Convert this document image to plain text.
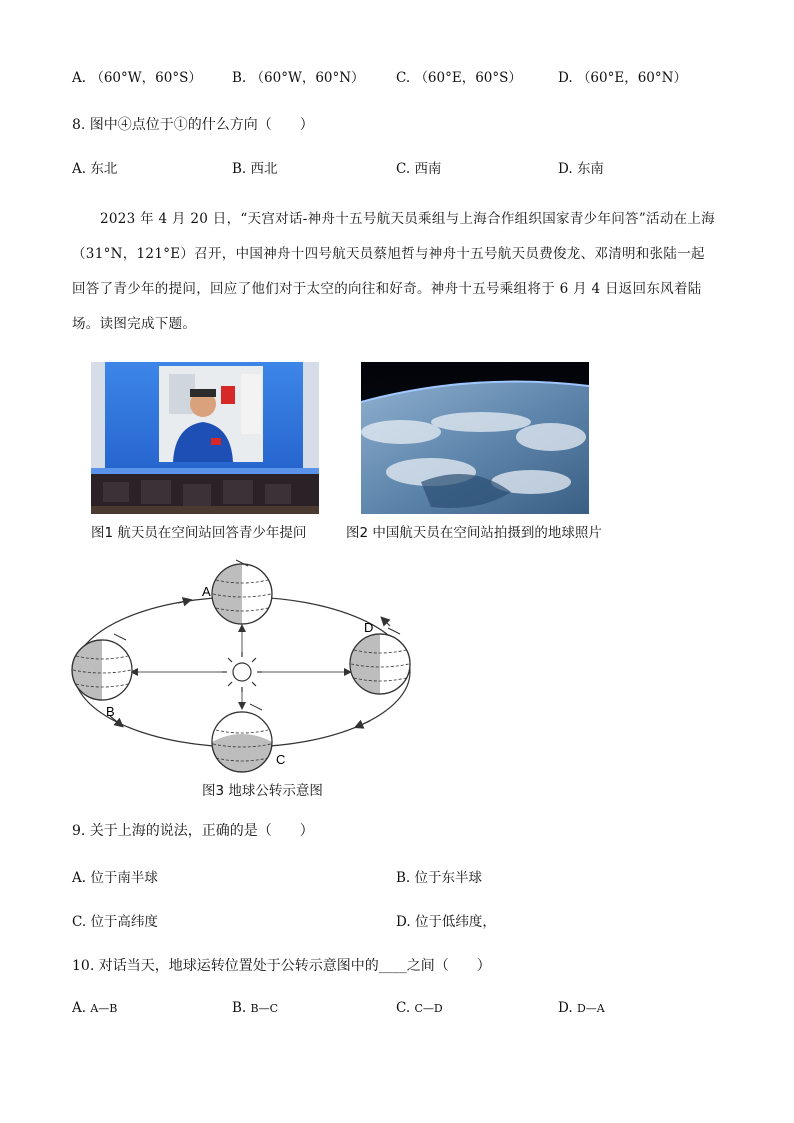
A. （60°W，60°S） B. （60°W，60°N） C. （60°E，60°S）	D. （60°E，60°N）
8. 图中④点位于①的什么方向（　　）
A. 东北	B. 西北	C. 西南	D. 东南

2023 年 4 月 20 日，“天宫对话-神舟十五号航天员乘组与上海合作组织国家青少年问答”活动在上海

（31°N，121°E）召开，中国神舟十四号航天员蔡旭哲与神舟十五号航天员费俊龙、邓清明和张陆一起

回答了青少年的提问，回应了他们对于太空的向往和好奇。神舟十五号乘组将于 6 月 4 日返回东风着陆

场。读图完成下题。

图1 航天员在空间站回答青少年提问	图2 中国航天员在空间站拍摄到的地球照片
A
B
C
D
图3 地球公转示意图
9. 关于上海的说法，正确的是（　　）
A. 位于南半球	B. 位于东半球
C. 位于高纬度	D. 位于低纬度，
10. 对话当天，地球运转位置处于公转示意图中的____之间（　　）
A. A—B	B. B—C	C. C—D	D. D—A
